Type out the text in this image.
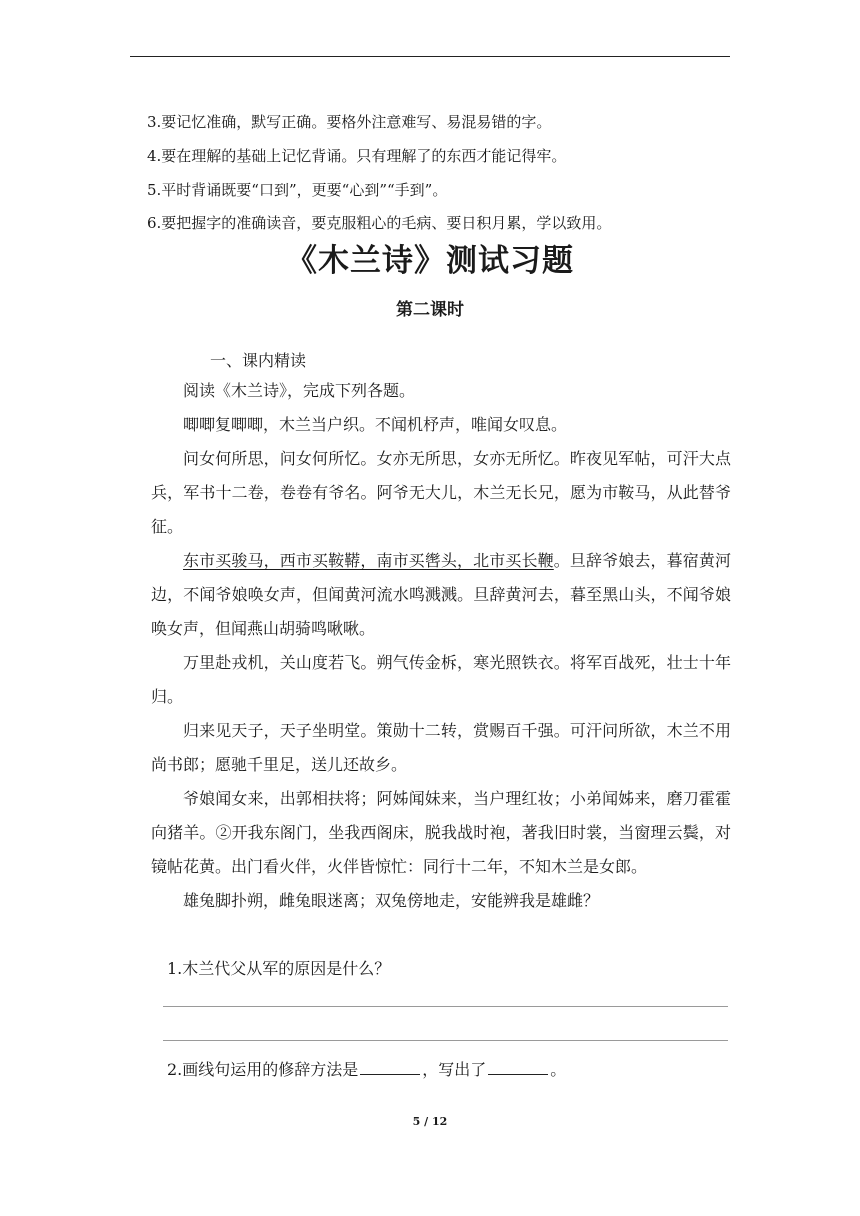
3.要记忆准确，默写正确。要格外注意难写、易混易错的字。
4.要在理解的基础上记忆背诵。只有理解了的东西才能记得牢。
5.平时背诵既要“口到”，更要“心到”“手到”。
6.要把握字的准确读音，要克服粗心的毛病、要日积月累，学以致用。
《木兰诗》测试习题
第二课时
一、课内精读

阅读《木兰诗》，完成下列各题。

唧唧复唧唧，木兰当户织。不闻机杼声，唯闻女叹息。

问女何所思，问女何所忆。女亦无所思，女亦无所忆。昨夜见军帖，可汗大点兵，军书十二卷，卷卷有爷名。阿爷无大儿，木兰无长兄，愿为市鞍马，从此替爷征。

东市买骏马，西市买鞍鞯，南市买辔头，北市买长鞭。旦辞爷娘去，暮宿黄河边，不闻爷娘唤女声，但闻黄河流水鸣溅溅。旦辞黄河去，暮至黑山头，不闻爷娘唤女声，但闻燕山胡骑鸣啾啾。

万里赴戎机，关山度若飞。朔气传金柝，寒光照铁衣。将军百战死，壮士十年归。

归来见天子，天子坐明堂。策勋十二转，赏赐百千强。可汗问所欲，木兰不用尚书郎；愿驰千里足，送儿还故乡。

爷娘闻女来，出郭相扶将；阿姊闻妹来，当户理红妆；小弟闻姊来，磨刀霍霍向猪羊。②开我东阁门，坐我西阁床，脱我战时袍，著我旧时裳，当窗理云鬓，对镜帖花黄。出门看火伴，火伴皆惊忙：同行十二年，不知木兰是女郎。

雄兔脚扑朔，雌兔眼迷离；双兔傍地走，安能辨我是雄雌？

1.木兰代父从军的原因是什么？
2.画线句运用的修辞方法是	，写出了	。
5 / 12
